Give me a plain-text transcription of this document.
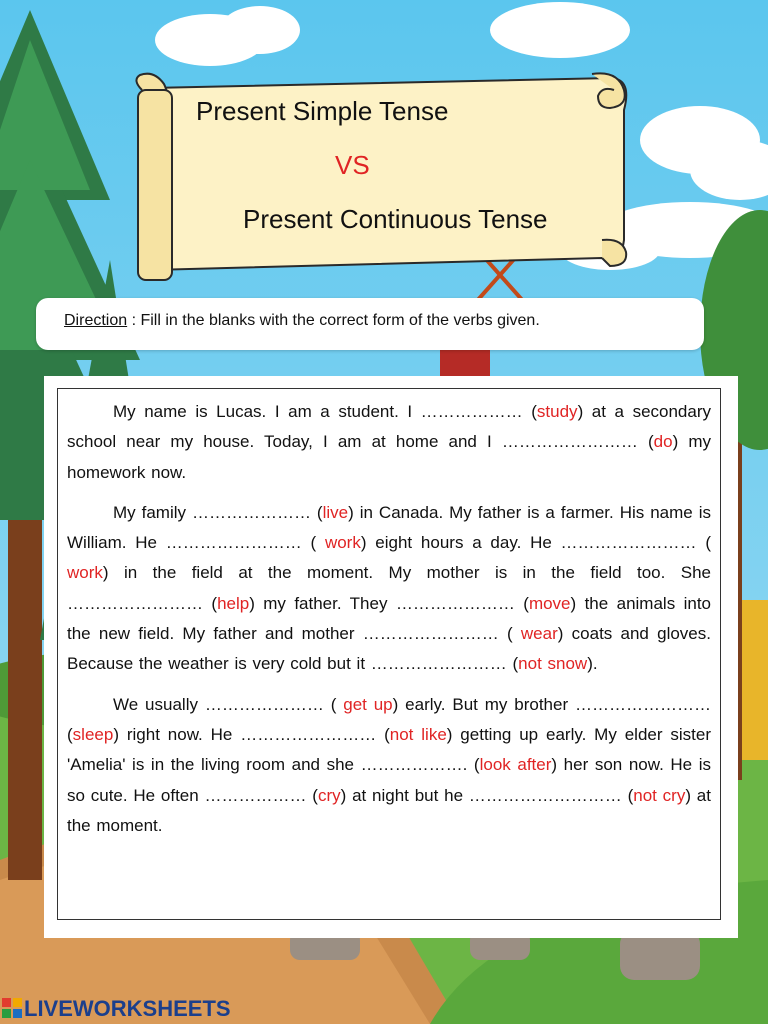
Present Simple Tense
VS
Present Continuous Tense

Direction : Fill in the blanks with the correct form of the verbs given.

My name is Lucas. I am a student. I ……………… (study) at a secondary school near my house. Today, I am at home and I …………………… (do) my homework now.

My family ………………… (live) in Canada. My father is a farmer. His name is William. He …………………… ( work) eight hours a day. He …………………… ( work) in the field at the moment. My mother is in the field too. She …………………… (help) my father. They ………………… (move) the animals into the new field. My father and mother …………………… ( wear) coats and gloves. Because the weather is very cold but it …………………… (not snow).

We usually ………………… ( get up) early. But my brother …………………… (sleep) right now. He …………………… (not like) getting up early. My elder sister 'Amelia' is in the living room and she ………………. (look after) her son now. He is so cute. He often ……………… (cry) at night but he ……………………… (not cry) at the moment.

LIVEWORKSHEETS
